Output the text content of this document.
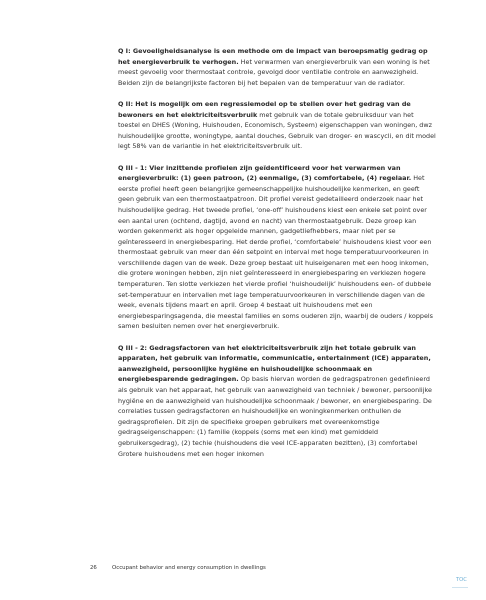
Q I: Gevoeligheidsanalyse is een methode om de impact van beroepsmatig gedrag op het energieverbruik te verhogen. Het verwarmen van energieverbruik van een woning is het meest gevoelig voor thermostaat controle, gevolgd door ventilatie controle en aanwezigheid. Beiden zijn de belangrijkste factoren bij het bepalen van de temperatuur van de radiator.

Q II: Het is mogelijk om een regressiemodel op te stellen over het gedrag van de bewoners en het elektriciteitsverbruik met gebruik van de totale gebruiksduur van het toestel en DHES (Woning, Huishouden, Economisch, Systeem) eigenschappen van woningen, dwz huishoudelijke grootte, woningtype, aantal douches, Gebruik van droger- en wascycli, en dit model legt 58% van de variantie in het elektriciteitsverbruik uit.

Q III - 1: Vier inzittende profielen zijn geïdentificeerd voor het verwarmen van energieverbruik: (1) geen patroon, (2) eenmalige, (3) comfortabele, (4) regelaar. Het eerste profiel heeft geen belangrijke gemeenschappelijke huishoudelijke kenmerken, en geeft geen gebruik van een thermostaatpatroon. Dit profiel vereist gedetailleerd onderzoek naar het huishoudelijke gedrag. Het tweede profiel, ‘one-off’ huishoudens kiest een enkele set point over een aantal uren (ochtend, dagtijd, avond en nacht) van thermostaatgebruik. Deze groep kan worden gekenmerkt als hoger opgeleide mannen, gadgetliefhebbers, maar niet per se geïnteresseerd in energiebesparing. Het derde profiel, ‘comfortabele’ huishoudens kiest voor een thermostaat gebruik van meer dan één setpoint en interval met hoge temperatuurvoorkeuren in verschillende dagen van de week. Deze groep bestaat uit huiseigenaren met een hoog inkomen, die grotere woningen hebben, zijn niet geïnteresseerd in energiebesparing en verkiezen hogere temperaturen. Ten slotte verkiezen het vierde profiel ‘huishoudelijk’ huishoudens een- of dubbele set-temperatuur en intervallen met lage temperatuurvoorkeuren in verschillende dagen van de week, evenals tijdens maart en april. Groep 4 bestaat uit huishoudens met een energiebesparingsagenda, die meestal families en soms ouderen zijn, waarbij de ouders / koppels samen besluiten nemen over het energieverbruik.

Q III - 2: Gedragsfactoren van het elektriciteitsverbruik zijn het totale gebruik van apparaten, het gebruik van informatie, communicatie, entertainment (ICE) apparaten, aanwezigheid, persoonlijke hygiëne en huishoudelijke schoonmaak en energiebesparende gedragingen. Op basis hiervan worden de gedragspatronen gedefinieerd als gebruik van het apparaat, het gebruik van aanwezigheid van techniek / bewoner, persoonlijke hygiëne en de aanwezigheid van huishoudelijke schoonmaak / bewoner, en energiebesparing. De correlaties tussen gedragsfactoren en huishoudelijke en woningkenmerken onthullen de gedragsprofielen. Dit zijn de specifieke groepen gebruikers met overeenkomstige gedragseigenschappen: (1) familie (koppels (soms met een kind) met gemiddeld gebruikersgedrag), (2) techie (huishoudens die veel ICE-apparaten bezitten), (3) comfortabel Grotere huishoudens met een hoger inkomen

26	Occupant behavior and energy consumption in dwellings
TOC
